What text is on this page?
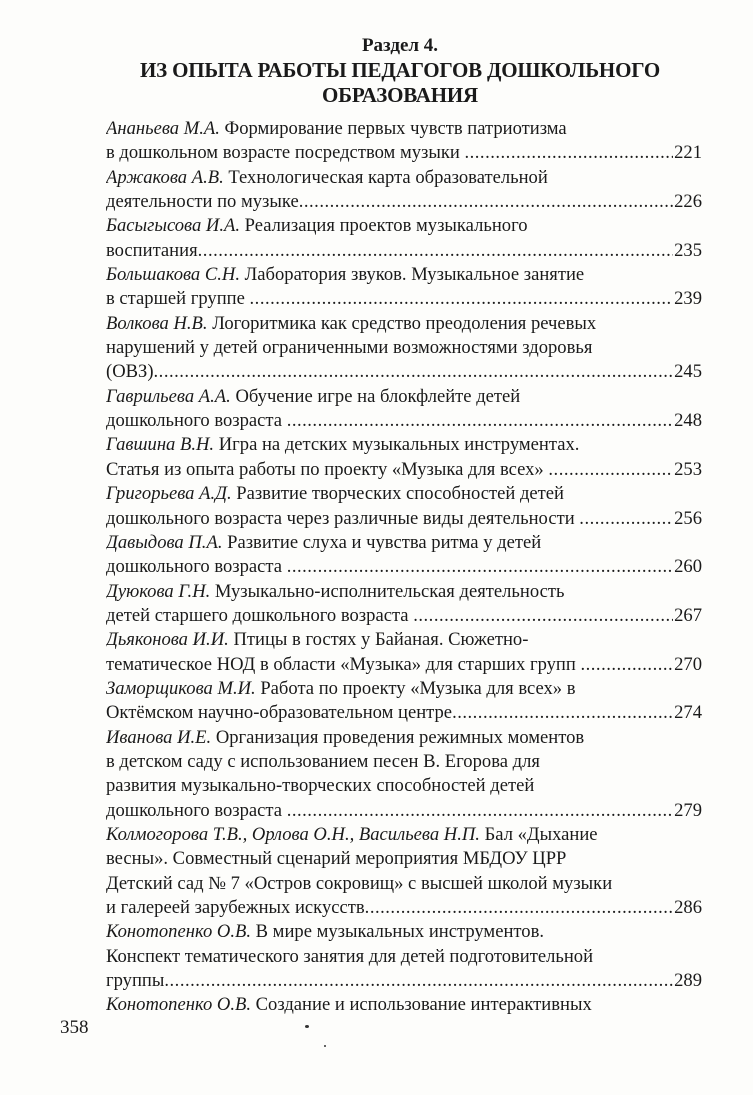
Раздел 4.
ИЗ ОПЫТА РАБОТЫ ПЕДАГОГОВ ДОШКОЛЬНОГО
ОБРАЗОВАНИЯ
Ананьева М.А. Формирование первых чувств патриотизма
в дошкольном возрасте посредством музыки .....	221
Аржакова А.В. Технологическая карта образовательной
деятельности по музыке .....	226
Басыгысова И.А. Реализация проектов музыкального
воспитания .....	235
Большакова С.Н. Лаборатория звуков. Музыкальное занятие
в старшей группе .....	239
Волкова Н.В. Логоритмика как средство преодоления речевых
нарушений у детей ограниченными возможностями здоровья
(ОВЗ) .....	245
Гаврильева А.А. Обучение игре на блокфлейте детей
дошкольного возраста .....	248
Гавшина В.Н. Игра на детских музыкальных инструментах.
Статья из опыта работы по проекту «Музыка для всех» .....	253
Григорьева А.Д. Развитие творческих способностей детей
дошкольного возраста через различные виды деятельности .....	256
Давыдова П.А. Развитие слуха и чувства ритма у детей
дошкольного возраста .....	260
Дуюкова Г.Н. Музыкально-исполнительская деятельность
детей старшего дошкольного возраста .....	267
Дьяконова И.И. Птицы в гостях у Байаная. Сюжетно-
тематическое НОД в области «Музыка» для старших групп .....	270
Заморщикова М.И. Работа по проекту «Музыка для всех» в
Октёмском научно-образовательном центре .....	274
Иванова И.Е. Организация проведения режимных моментов
в детском саду с использованием песен В. Егорова для
развития музыкально-творческих способностей детей
дошкольного возраста .....	279
Колмогорова Т.В., Орлова О.Н., Васильева Н.П. Бал «Дыхание
весны». Совместный сценарий мероприятия МБДОУ ЦРР
Детский сад № 7 «Остров сокровищ» с высшей школой музыки
и галереей зарубежных искусств .....	286
Конотопенко О.В. В мире музыкальных инструментов.
Конспект тематического занятия для детей подготовительной
группы .....	289
Конотопенко О.В. Создание и использование интерактивных
358
